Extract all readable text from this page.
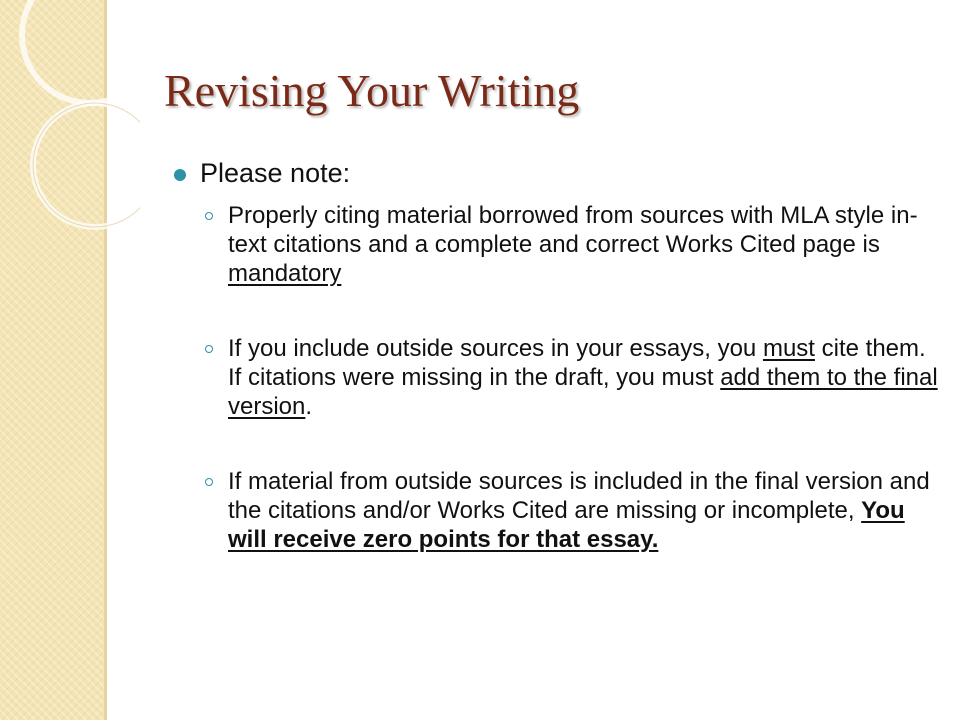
Revising Your Writing
Please note:
Properly citing material borrowed from sources with MLA style in-text citations and a complete and correct Works Cited page is mandatory
If you include outside sources in your essays, you must cite them. If citations were missing in the draft, you must add them to the final version.
If material from outside sources is included in the final version and the citations and/or Works Cited are missing or incomplete, You will receive zero points for that essay.
